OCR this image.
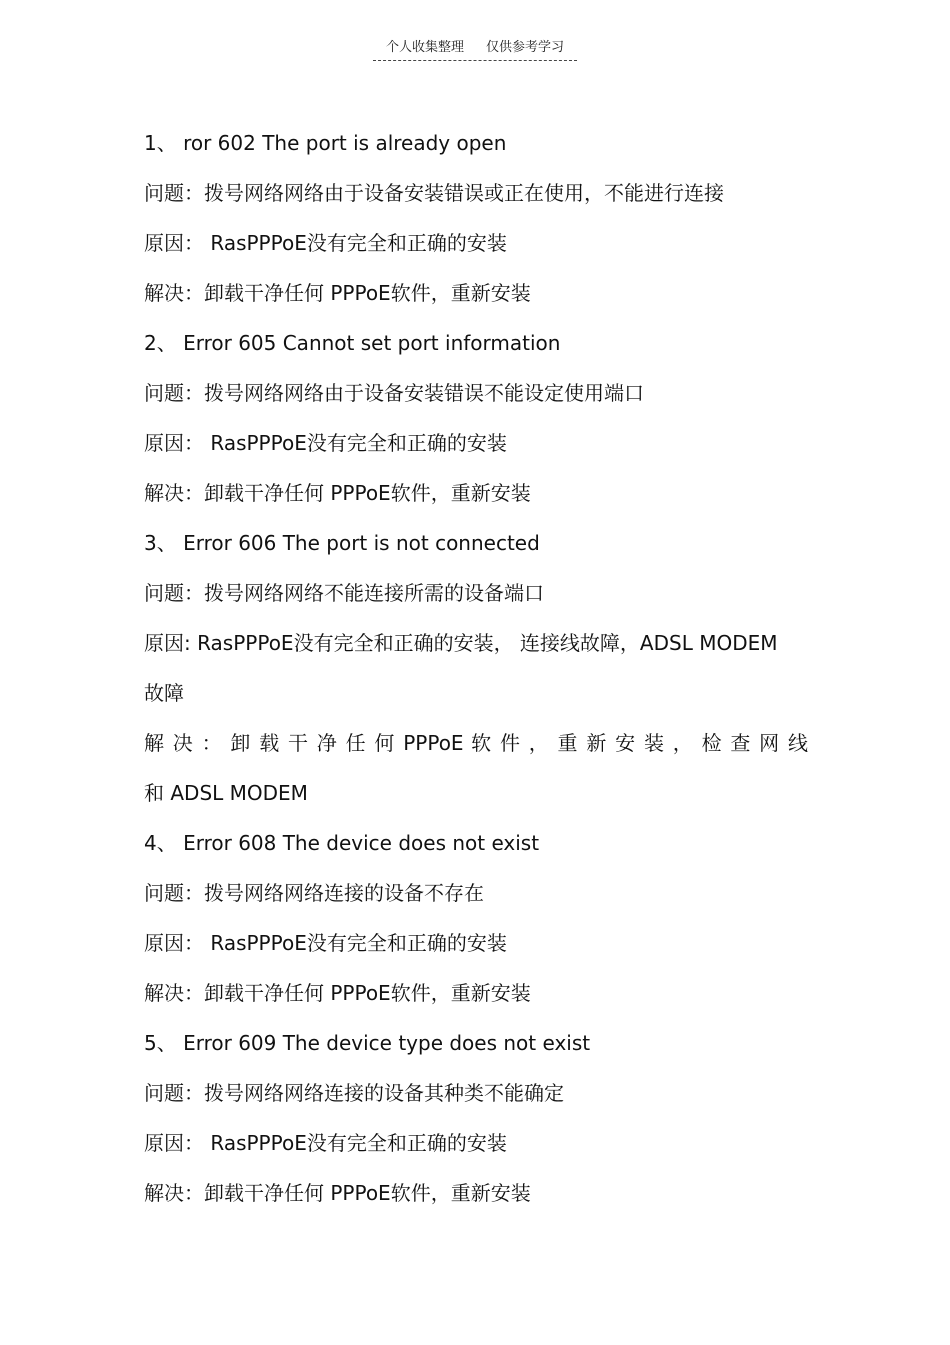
个人收集整理 仅供参考学习
1、 ror 602 The port is already open
问题：拨号网络网络由于设备安装错误或正在使用，不能进行连接
原因： RasPPPoE没有完全和正确的安装
解决：卸载干净任何 PPPoE软件，重新安装
2、 Error 605 Cannot set port information
问题：拨号网络网络由于设备安装错误不能设定使用端口
原因： RasPPPoE没有完全和正确的安装
解决：卸载干净任何 PPPoE软件，重新安装
3、 Error 606 The port is not connected
问题：拨号网络网络不能连接所需的设备端口
原因: RasPPPoE没有完全和正确的安装， 连接线故障，ADSL MODEM
故障
解 决 ： 卸 载 干 净 任 何 PPPoE 软 件 ， 重 新 安 装 ， 检 查 网 线
和 ADSL MODEM
4、 Error 608 The device does not exist
问题：拨号网络网络连接的设备不存在
原因： RasPPPoE没有完全和正确的安装
解决：卸载干净任何 PPPoE软件，重新安装
5、 Error 609 The device type does not exist
问题：拨号网络网络连接的设备其种类不能确定
原因： RasPPPoE没有完全和正确的安装
解决：卸载干净任何 PPPoE软件，重新安装
